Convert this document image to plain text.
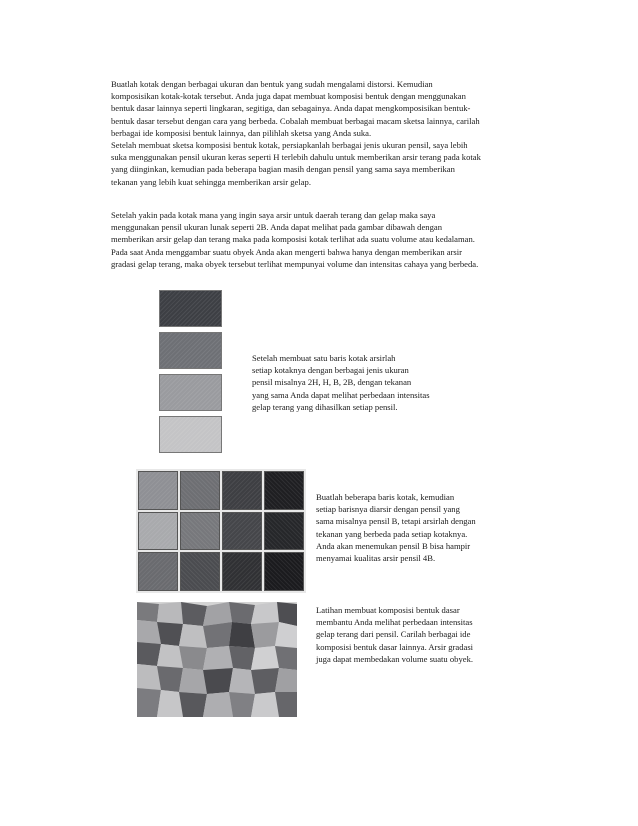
Buatlah kotak dengan berbagai ukuran dan bentuk yang sudah mengalami distorsi. Kemudian
komposisikan kotak-kotak tersebut. Anda juga dapat membuat komposisi bentuk dengan menggunakan
bentuk dasar lainnya seperti lingkaran, segitiga, dan sebagainya. Anda dapat mengkomposisikan bentuk-
bentuk dasar tersebut dengan cara yang berbeda. Cobalah membuat berbagai macam sketsa lainnya, carilah
berbagai ide komposisi bentuk lainnya, dan pilihlah sketsa yang Anda suka.
Setelah membuat sketsa komposisi bentuk kotak, persiapkanlah berbagai jenis ukuran pensil, saya lebih
suka menggunakan pensil ukuran keras seperti H terlebih dahulu untuk memberikan arsir terang pada kotak
yang diinginkan, kemudian pada beberapa bagian masih dengan pensil yang sama saya memberikan
tekanan yang lebih kuat sehingga memberikan arsir gelap.
Setelah yakin pada kotak mana yang ingin saya arsir untuk daerah terang dan gelap maka saya
menggunakan pensil ukuran lunak seperti 2B. Anda dapat melihat pada gambar dibawah dengan
memberikan arsir gelap dan terang maka pada komposisi kotak terlihat ada suatu volume atau kedalaman.
Pada saat Anda menggambar suatu obyek Anda akan mengerti bahwa hanya dengan memberikan arsir
gradasi gelap terang, maka obyek tersebut terlihat mempunyai volume dan intensitas cahaya yang berbeda.
Setelah membuat satu baris kotak arsirlah
setiap kotaknya dengan berbagai jenis ukuran
pensil misalnya 2H, H, B, 2B, dengan tekanan
yang sama Anda dapat melihat perbedaan intensitas
gelap terang yang dihasilkan setiap pensil.
Buatlah beberapa baris kotak, kemudian
setiap barisnya diarsir dengan pensil yang
sama misalnya pensil B, tetapi arsirlah dengan
tekanan yang berbeda pada setiap kotaknya.
Anda akan menemukan pensil B bisa hampir
menyamai kualitas arsir pensil 4B.
Latihan membuat komposisi bentuk dasar
membantu Anda melihat perbedaan intensitas
gelap terang dari pensil. Carilah berbagai ide
komposisi bentuk dasar lainnya. Arsir gradasi
juga dapat membedakan volume suatu obyek.
